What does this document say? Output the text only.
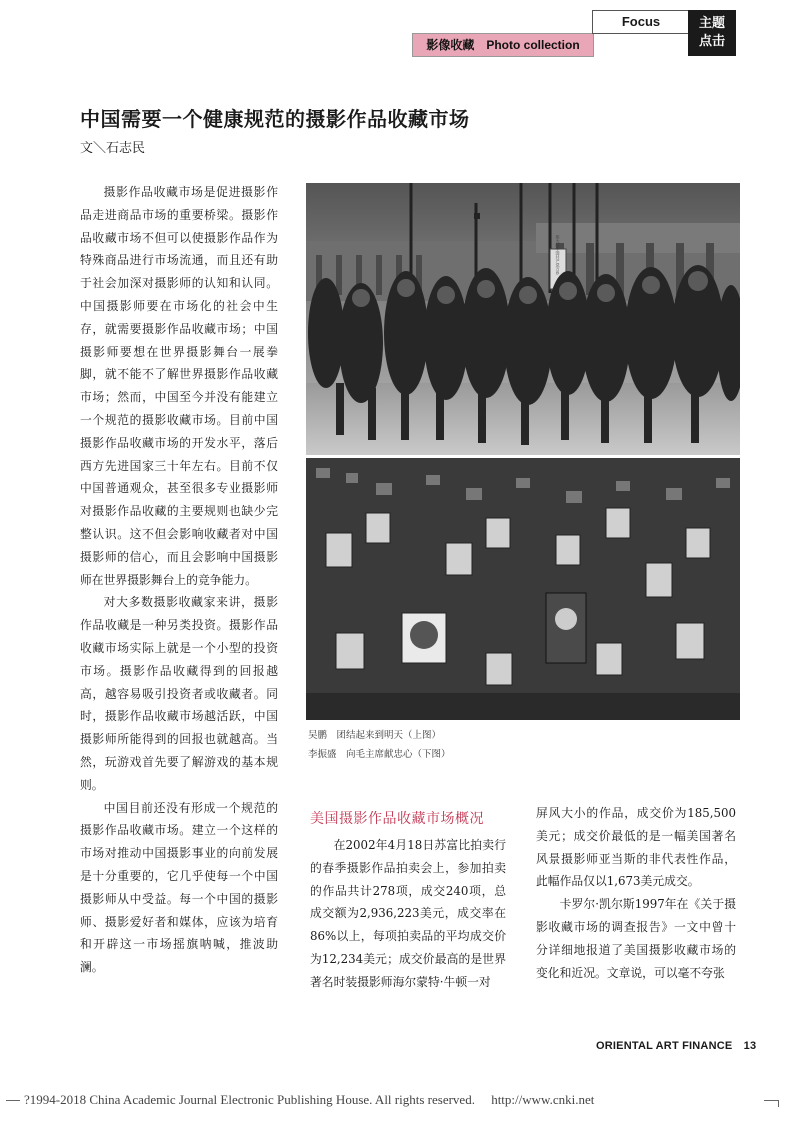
Focus
影像收藏　Photo collection
主题
点击
中国需要一个健康规范的摄影作品收藏市场
文＼石志民

摄影作品收藏市场是促进摄影作品走进商品市场的重要桥梁。摄影作品收藏市场不但可以使摄影作品作为特殊商品进行市场流通，而且还有助于社会加深对摄影师的认知和认同。中国摄影师要在市场化的社会中生存，就需要摄影作品收藏市场；中国摄影师要想在世界摄影舞台一展拳脚，就不能不了解世界摄影作品收藏市场；然而，中国至今并没有能建立一个规范的摄影收藏市场。目前中国摄影作品收藏市场的开发水平，落后西方先进国家三十年左右。目前不仅中国普通观众，甚至很多专业摄影师对摄影作品收藏的主要规则也缺少完整认识。这不但会影响收藏者对中国摄影师的信心，而且会影响中国摄影师在世界摄影舞台上的竞争能力。

对大多数摄影收藏家来讲，摄影作品收藏是一种另类投资。摄影作品收藏市场实际上就是一个小型的投资市场。摄影作品收藏得到的回报越高，越容易吸引投资者或收藏者。同时，摄影作品收藏市场越活跃，中国摄影师所能得到的回报也就越高。当然，玩游戏首先要了解游戏的基本规则。

中国目前还没有形成一个规范的摄影作品收藏市场。建立一个这样的市场对推动中国摄影事业的向前发展是十分重要的，它几乎使每一个中国摄影师从中受益。每一个中国的摄影师、摄影爱好者和媒体，应该为培育和开辟这一市场摇旗呐喊，推波助澜。

伟大的中国共产党万岁
吴鹏　团结起来到明天（上图）
李振盛　向毛主席献忠心（下图）
美国摄影作品收藏市场概况

在2002年4月18日苏富比拍卖行的春季摄影作品拍卖会上，参加拍卖的作品共计278项，成交240项，总成交额为2,936,223美元，成交率在86%以上，每项拍卖品的平均成交价为12,234美元；成交价最高的是世界著名时装摄影师海尔蒙特·牛顿一对

屏风大小的作品，成交价为185,500美元；成交价最低的是一幅美国著名风景摄影师亚当斯的非代表性作品，此幅作品仅以1,673美元成交。

卡罗尔·凯尔斯1997年在《关于摄影收藏市场的调查报告》一文中曾十分详细地报道了美国摄影收藏市场的变化和近况。文章说，可以毫不夸张

ORIENTAL ART FINANCE 13
?1994-2018 China Academic Journal Electronic Publishing House. All rights reserved.　 http://www.cnki.net
